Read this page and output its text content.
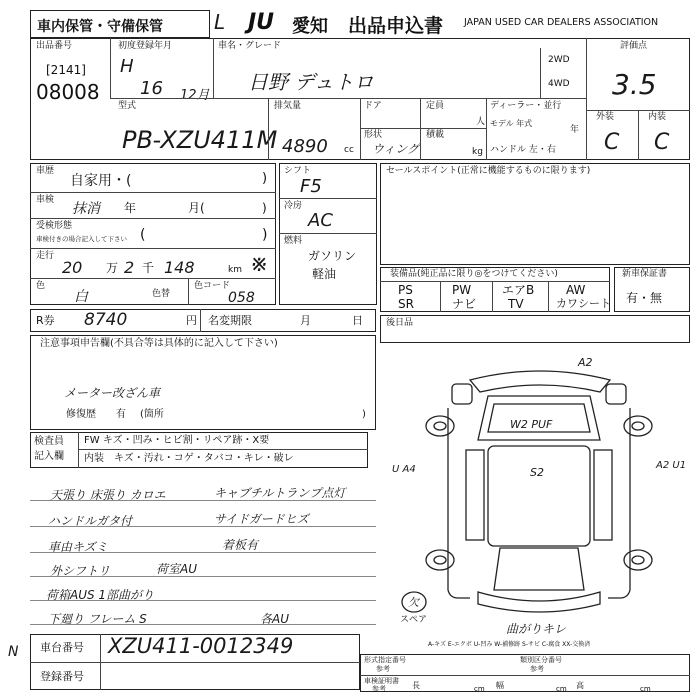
車内保管・守備保管	L JU 愛知 出品申込書 JAPAN USED CAR DEALERS ASSOCIATION
出品番号
[2141]
08008
初度登録年月
H
16 12月
車名・グレード
日野 デュトロ
2WD
4WD
評価点
3.5
外装	内装
C C
型式
PB-XZU411M
排気量
4890 cc
ドア
形状
ウィング
定員
人
積載
kg
ディーラー・並行
モデル 年式
年
ハンドル 左・右
車歴
自家用・(	)
車検
抹消 年	月(	)
受検形態
車検付きの場合記入して下さい (	)
走行
20 万 2 千 148	km ※
色
白	色替
色コード
058
シフト
F5
冷房
AC
燃料
ガソリン
軽油
セールスポイント(正常に機能するものに限ります)
装備品(純正品に限り◎をつけてください)
PS	PW	エアB	AW
SR	ナビ	TV	カワシート
新車保証書
有・無
R券 8740	円 名変期限	月	日
注意事項申告欄(不具合等は具体的に記入して下さい)
メーター改ざん車
修復歴 有 (箇所	)
後日品
検査員
記入欄
FW キズ・凹み・ヒビ割・リペア跡・X要
内装 キズ・汚れ・コゲ・タバコ・キレ・破レ
天張り 床張り カロエ	キャブチルトランプ点灯
ハンドルガタ付	サイドガードヒズ
車由キズミ	着板有
外シフトリ	荷室AU
荷箱AUS 1部曲がり
下廻り フレーム S	各AU
A2
W2 PUF
S2
U A4	A2 U1
欠
スペア
曲がりキレ
A-キズ E-エクボ U-凹み W-補修跡 S-サビ C-腐食 XX-交換済
車台番号 XZU411-0012349
N
登録番号
形式指定番号
参考
類別区分番号
参考
車検証明書
参考	長	cm 幅	cm 高	cm
